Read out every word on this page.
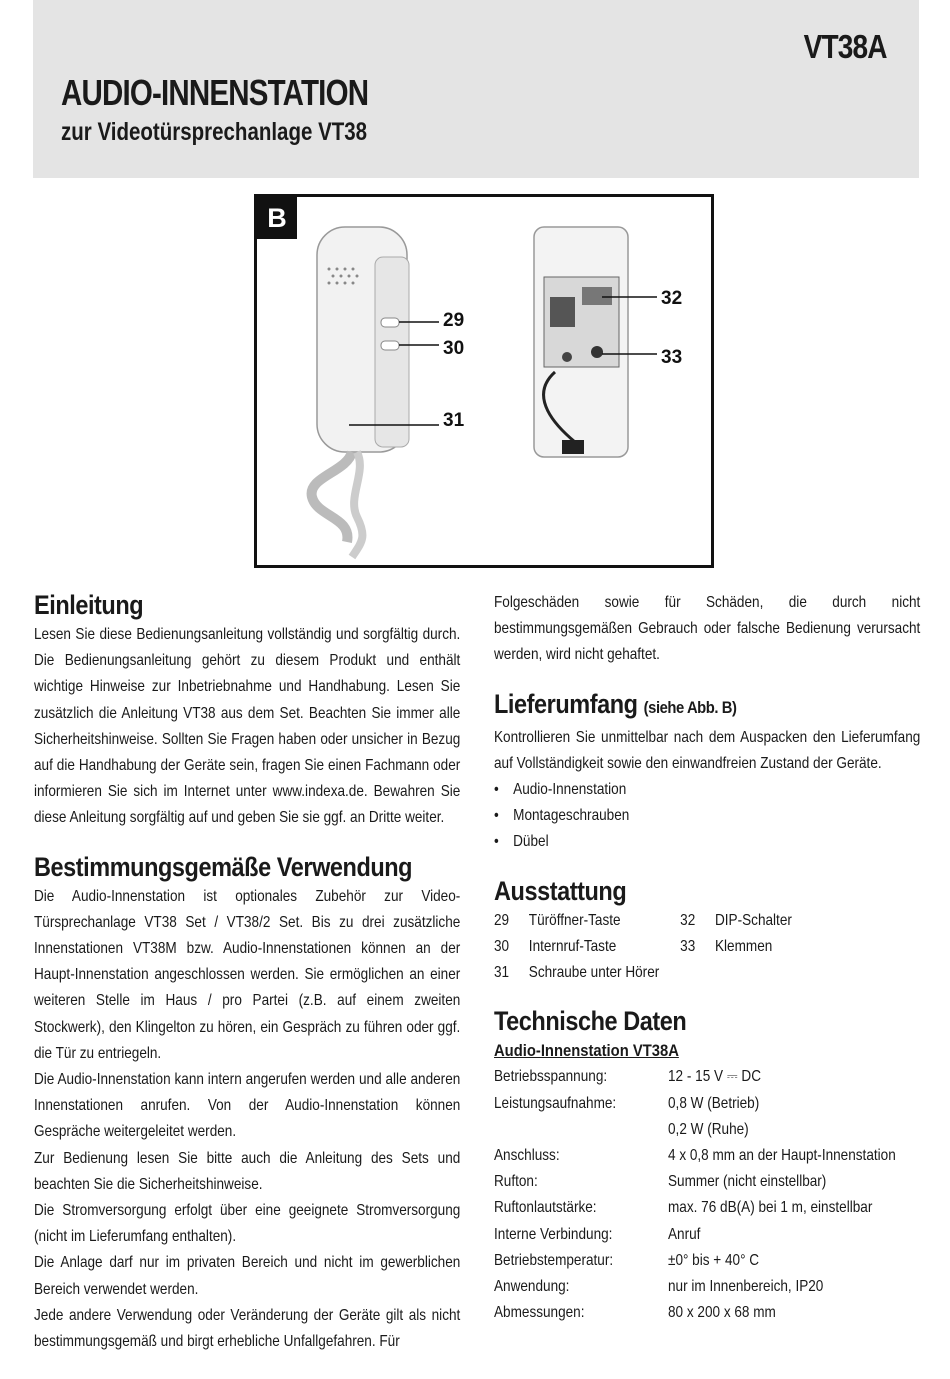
VT38A
AUDIO-INNENSTATION
zur Videotürsprechanlage VT38
B
29
30
31
32
33
Einleitung

Lesen Sie diese Bedienungsanleitung vollständig und sorgfältig durch. Die Bedienungsanleitung gehört zu diesem Produkt und enthält wichtige Hinweise zur Inbetriebnahme und Handhabung. Lesen Sie zusätzlich die Anleitung VT38 aus dem Set. Beachten Sie immer alle Sicherheitshinweise. Sollten Sie Fragen haben oder unsicher in Bezug auf die Handhabung der Geräte sein, fragen Sie einen Fachmann oder informieren Sie sich im Internet unter www.indexa.de. Bewahren Sie diese Anleitung sorgfältig auf und geben Sie sie ggf. an Dritte weiter.

Bestimmungsgemäße Verwendung

Die Audio-Innenstation ist optionales Zubehör zur Video-Türsprechanlage VT38 Set / VT38/2 Set. Bis zu drei zusätzliche Innenstationen VT38M bzw. Audio-Innenstationen können an der Haupt-Innenstation angeschlossen werden. Sie ermöglichen an einer weiteren Stelle im Haus / pro Partei (z.B. auf einem zweiten Stockwerk), den Klingelton zu hören, ein Gespräch zu führen oder ggf. die Tür zu entriegeln.

Die Audio-Innenstation kann intern angerufen werden und alle anderen Innenstationen anrufen. Von der Audio-Innenstation können Gespräche weitergeleitet werden.

Zur Bedienung lesen Sie bitte auch die Anleitung des Sets und beachten Sie die Sicherheitshinweise.

Die Stromversorgung erfolgt über eine geeignete Stromversorgung (nicht im Lieferumfang enthalten).

Die Anlage darf nur im privaten Bereich und nicht im gewerblichen Bereich verwendet werden.

Jede andere Verwendung oder Veränderung der Geräte gilt als nicht bestimmungsgemäß und birgt erhebliche Unfallgefahren. Für

Folgeschäden sowie für Schäden, die durch nicht bestimmungsgemäßen Gebrauch oder falsche Bedienung verursacht werden, wird nicht gehaftet.

Lieferumfang (siehe Abb. B)

Kontrollieren Sie unmittelbar nach dem Auspacken den Lieferumfang auf Vollständigkeit sowie den einwandfreien Zustand der Geräte.

• Audio-Innenstation
• Montageschrauben
• Dübel
Ausstattung
29	Türöffner-Taste	32	DIP-Schalter
30	Internruf-Taste	33	Klemmen
31	Schraube unter Hörer
Technische Daten
Audio-Innenstation VT38A
Betriebsspannung:	12 - 15 V ⎓ DC
Leistungsaufnahme:	0,8 W (Betrieb)
0,2 W (Ruhe)
Anschluss:	4 x 0,8 mm an der Haupt-Innenstation
Rufton:	Summer (nicht einstellbar)
Ruftonlautstärke:	max. 76 dB(A) bei 1 m, einstellbar
Interne Verbindung:	Anruf
Betriebstemperatur:	±0° bis + 40° C
Anwendung:	nur im Innenbereich, IP20
Abmessungen:	80 x 200 x 68 mm
